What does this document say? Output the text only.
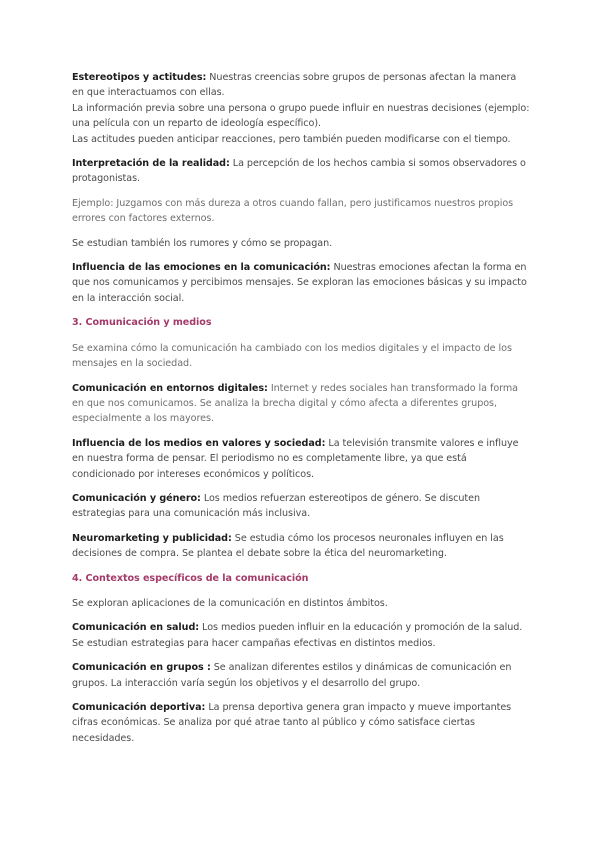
Estereotipos y actitudes: Nuestras creencias sobre grupos de personas afectan la manera en que interactuamos con ellas.

La información previa sobre una persona o grupo puede influir en nuestras decisiones (ejemplo: una película con un reparto de ideología específico).

Las actitudes pueden anticipar reacciones, pero también pueden modificarse con el tiempo.

Interpretación de la realidad: La percepción de los hechos cambia si somos observadores o protagonistas.

Ejemplo: Juzgamos con más dureza a otros cuando fallan, pero justificamos nuestros propios errores con factores externos.

Se estudian también los rumores y cómo se propagan.

Influencia de las emociones en la comunicación: Nuestras emociones afectan la forma en que nos comunicamos y percibimos mensajes. Se exploran las emociones básicas y su impacto en la interacción social.

3. Comunicación y medios

Se examina cómo la comunicación ha cambiado con los medios digitales y el impacto de los mensajes en la sociedad.

Comunicación en entornos digitales: Internet y redes sociales han transformado la forma en que nos comunicamos. Se analiza la brecha digital y cómo afecta a diferentes grupos, especialmente a los mayores.

Influencia de los medios en valores y sociedad: La televisión transmite valores e influye en nuestra forma de pensar. El periodismo no es completamente libre, ya que está condicionado por intereses económicos y políticos.

Comunicación y género: Los medios refuerzan estereotipos de género. Se discuten estrategias para una comunicación más inclusiva.

Neuromarketing y publicidad: Se estudia cómo los procesos neuronales influyen en las decisiones de compra. Se plantea el debate sobre la ética del neuromarketing.

4. Contextos específicos de la comunicación

Se exploran aplicaciones de la comunicación en distintos ámbitos.

Comunicación en salud: Los medios pueden influir en la educación y promoción de la salud. Se estudian estrategias para hacer campañas efectivas en distintos medios.

Comunicación en grupos : Se analizan diferentes estilos y dinámicas de comunicación en grupos. La interacción varía según los objetivos y el desarrollo del grupo.

Comunicación deportiva: La prensa deportiva genera gran impacto y mueve importantes cifras económicas. Se analiza por qué atrae tanto al público y cómo satisface ciertas necesidades.
